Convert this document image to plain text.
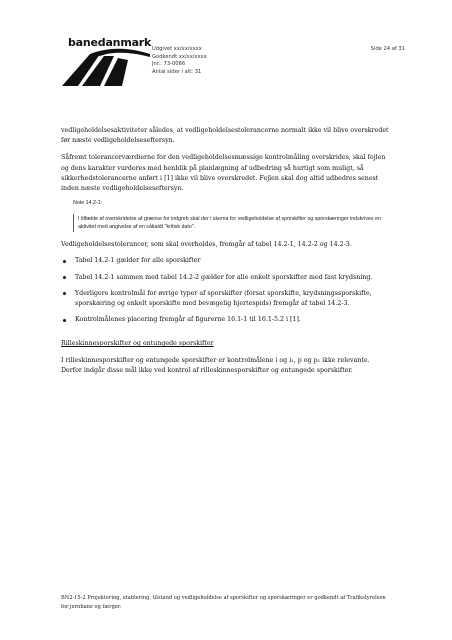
banedanmark Udgivet xx/xx/xxxx
Godkendt xx/xx/xxxx
Jnr.: 73-0066
Antal sider i alt: 31
Side 24 af 31

vedligeholdelsesaktiviteter således, at vedligeholdelsestolerancerne normalt ikke vil blive overskredet før næste vedligeholdelseseftersyn.

Såfremt tolerancerværdierne for den vedligeholdelsesmæssige kontrolmåling overskrides, skal fejlen og dens karakter vurderes med henblik på planlægning af udbedring så hurtigt som muligt, så sikkerhedstolerancerne anført i [1] ikke vil blive overskredet. Fejlen skal dog altid udbedres senest inden næste vedligeholdelseseftersyn.

Note 14.2-1:
I tilfælde af overskridelse af grænse for indgreb skal der i skema for vedligeholdelse af sporskifter og sporskæringer indskrives en aktivitet med angivelse af en såkaldt "kritisk dato".

Vedligeholdelsestolerancer, som skal overholdes, fremgår af tabel 14.2-1, 14.2-2 og 14.2-3.

Tabel 14.2-1 gælder for alle sporskifter
Tabel 14.2-1 sammen med tabel 14.2-2 gælder for alle enkelt sporskifter med fast krydsning.
Yderligere kontrolmål for øvrige typer af sporskifter (forsat sporskifte, krydsningssporskifte, sporskæring og enkelt sporskifte med bevægelig hjertespids) fremgår af tabel 14.2-3.
Kontrolmålenes placering fremgår af figurerne 16.1-1 til 16.1-5.2 i [1].

Rilleskinnesporskifter og entungede sporskifter

I rilleskinnesporskifter og entungede sporskifter er kontrolmålene i og i₁, p og p₁ ikke relevante. Derfor indgår disse mål ikke ved kontrol af rilleskinnesporskifter og entungede sporskifter.

BN2-15-2 Projektering, etablering, tilstand og vedligeholdelse af sporskifter og sporskæringer er godkendt af Trafikstyrelsen for jernbane og færger.
